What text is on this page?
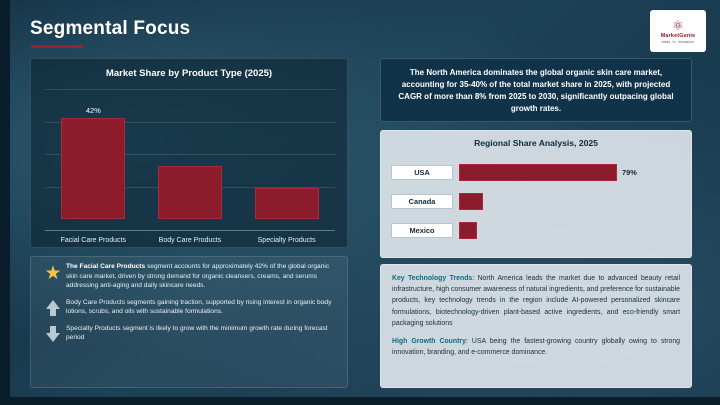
Segmental Focus	⚛
MarketGenie
Ideas, In, Innovation
Market Share by Product Type (2025)
42%
Facial Care Products	Body Care Products	Specialty Products
★ The Facial Care Products segment accounts for approximately 42% of the global organic skin care market, driven by strong demand for organic cleansers, creams, and serums addressing anti-aging and daily skincare needs.
Body Care Products segments gaining traction, supported by rising interest in organic body lotions, scrubs, and oils with sustainable formulations.
Specialty Products segment is likely to grow with the minimum growth rate during forecast period
The North America dominates the global organic skin care market, accounting for 35-40% of the total market share in 2025, with projected CAGR of more than 8% from 2025 to 2030, significantly outpacing global growth rates.
Regional Share Analysis, 2025
USA	79%
Canada
Mexico
Key Technology Trends: North America leads the market due to advanced beauty retail infrastructure, high consumer awareness of natural ingredients, and preference for sustainable products, key technology trends in the region include AI-powered personalized skincare formulations, biotechnology-driven plant-based active ingredients, and eco-friendly smart packaging solutions
High Growth Country: USA being the fastest-growing country globally owing to strong innovation, branding, and e-commerce dominance.
